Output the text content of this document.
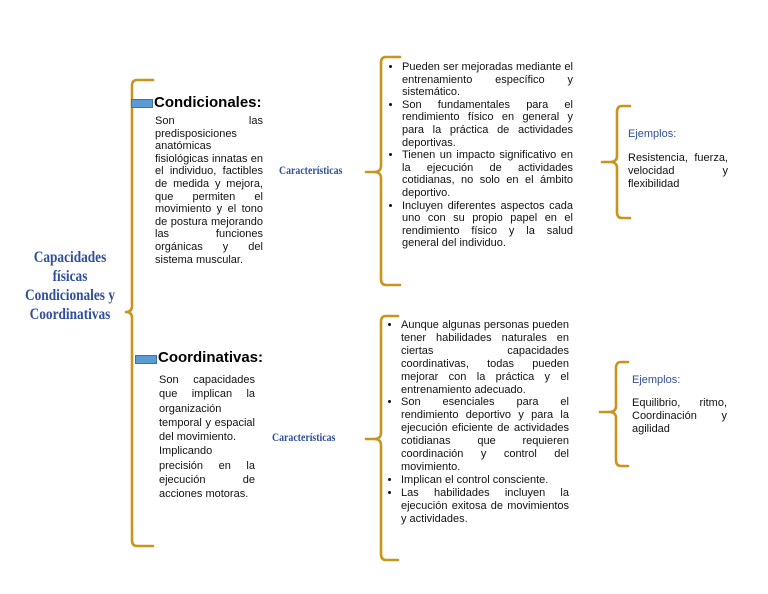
Capacidades físicas Condicionales y Coordinativas
Condicionales:
Son las predisposiciones anatómicas fisiológicas innatas en el individuo, factibles de medida y mejora, que permiten el movimiento y el tono de postura mejorando las funciones orgánicas y del sistema muscular.
Características
• Pueden ser mejoradas mediante el entrenamiento específico y sistemático.
• Son fundamentales para el rendimiento físico en general y para la práctica de actividades deportivas.
• Tienen un impacto significativo en la ejecución de actividades cotidianas, no solo en el ámbito deportivo.
• Incluyen diferentes aspectos cada uno con su propio papel en el rendimiento físico y la salud general del individuo.
Ejemplos:
Resistencia, fuerza, velocidad y flexibilidad
Coordinativas:
Son capacidades que implican la organización temporal y espacial del movimiento.
Implicando precisión en la ejecución de acciones motoras.
Características
• Aunque algunas personas pueden tener habilidades naturales en ciertas capacidades coordinativas, todas pueden mejorar con la práctica y el entrenamiento adecuado.
• Son esenciales para el rendimiento deportivo y para la ejecución eficiente de actividades cotidianas que requieren coordinación y control del movimiento.
• Implican el control consciente.
• Las habilidades incluyen la ejecución exitosa de movimientos y actividades.
Ejemplos:
Equilibrio, ritmo, Coordinación y agilidad
